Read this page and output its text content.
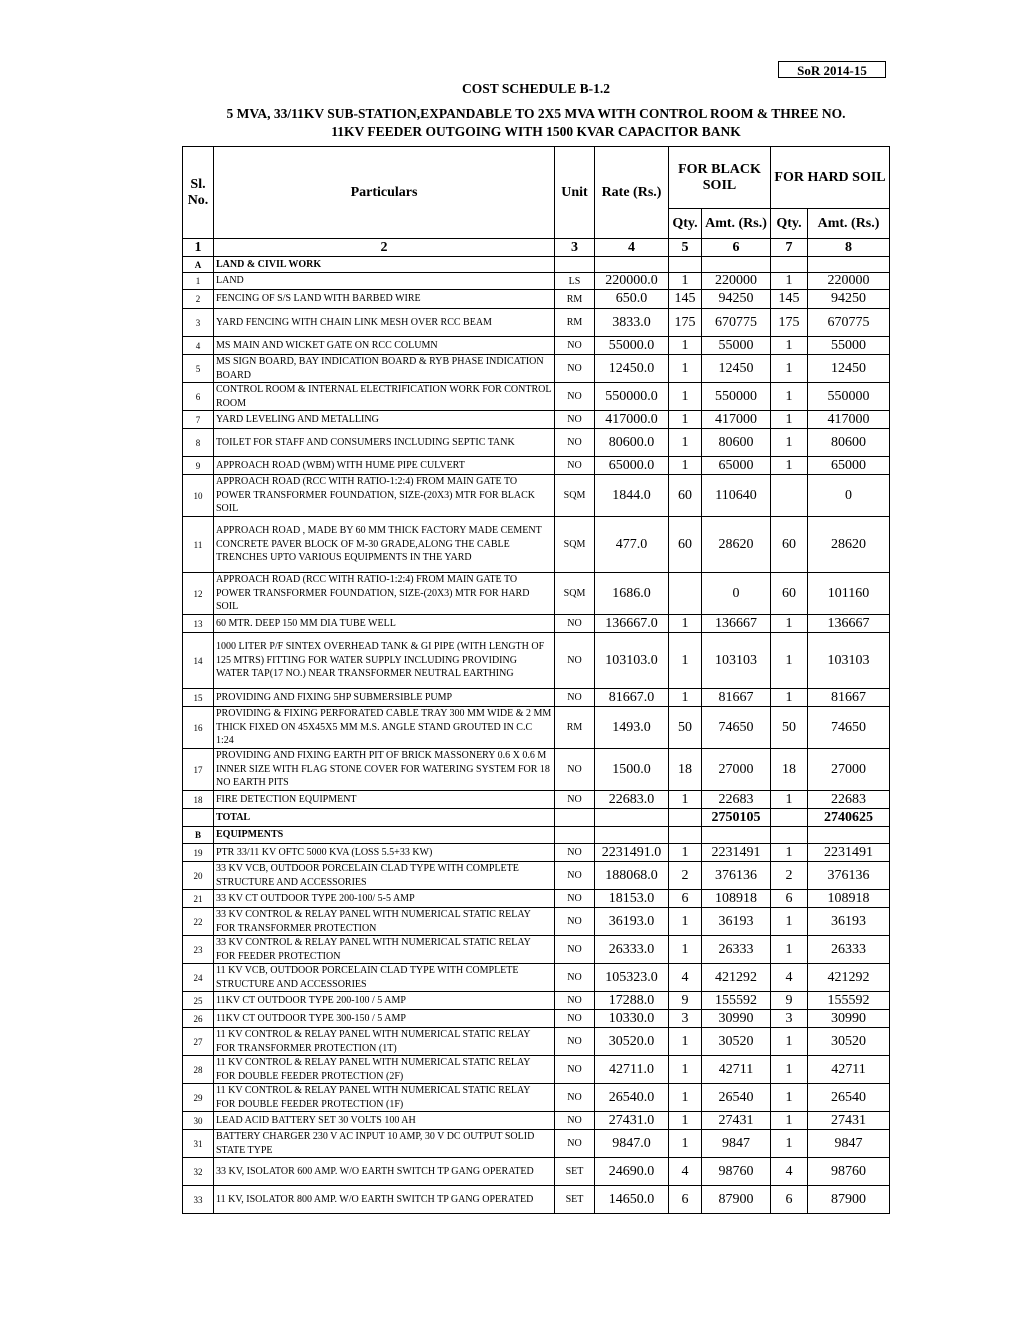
SoR 2014-15
COST SCHEDULE B-1.2
5 MVA, 33/11KV SUB-STATION,EXPANDABLE TO 2X5 MVA WITH CONTROL ROOM & THREE NO.
11KV FEEDER OUTGOING WITH 1500 KVAR CAPACITOR BANK
Sl. No.	Particulars	Unit	Rate (Rs.)	FOR BLACK SOIL		FOR HARD SOIL	
				Qty.	Amt. (Rs.)	Qty.	Amt. (Rs.)
1	2	3	4	5	6	7	8
A	LAND & CIVIL WORK						
1	LAND	LS	220000.0	1	220000	1	220000
2	FENCING OF S/S LAND WITH BARBED WIRE	RM	650.0	145	94250	145	94250
3	YARD FENCING WITH CHAIN LINK MESH OVER RCC BEAM	RM	3833.0	175	670775	175	670775
4	MS MAIN AND WICKET GATE ON RCC COLUMN	NO	55000.0	1	55000	1	55000
5	MS SIGN BOARD, BAY INDICATION BOARD & RYB PHASE INDICATION BOARD	NO	12450.0	1	12450	1	12450
6	CONTROL ROOM & INTERNAL ELECTRIFICATION WORK FOR CONTROL ROOM	NO	550000.0	1	550000	1	550000
7	YARD LEVELING AND METALLING	NO	417000.0	1	417000	1	417000
8	TOILET FOR STAFF AND CONSUMERS INCLUDING SEPTIC TANK	NO	80600.0	1	80600	1	80600
9	APPROACH ROAD (WBM) WITH HUME PIPE CULVERT	NO	65000.0	1	65000	1	65000
10	APPROACH ROAD (RCC WITH RATIO-1:2:4) FROM MAIN GATE TO POWER TRANSFORMER FOUNDATION, SIZE-(20X3) MTR FOR BLACK SOIL	SQM	1844.0	60	110640		0
11	APPROACH ROAD , MADE BY 60 MM THICK FACTORY MADE CEMENT CONCRETE PAVER BLOCK OF M-30 GRADE,ALONG THE CABLE TRENCHES UPTO VARIOUS EQUIPMENTS IN THE YARD	SQM	477.0	60	28620	60	28620
12	APPROACH ROAD (RCC WITH RATIO-1:2:4) FROM MAIN GATE TO POWER TRANSFORMER FOUNDATION, SIZE-(20X3) MTR FOR HARD SOIL	SQM	1686.0		0	60	101160
13	60 MTR. DEEP 150 MM DIA TUBE WELL	NO	136667.0	1	136667	1	136667
14	1000 LITER P/F SINTEX OVERHEAD TANK & GI PIPE (WITH LENGTH OF 125 MTRS) FITTING FOR WATER SUPPLY INCLUDING PROVIDING WATER TAP(17 NO.) NEAR TRANSFORMER NEUTRAL EARTHING	NO	103103.0	1	103103	1	103103
15	PROVIDING AND FIXING 5HP SUBMERSIBLE PUMP	NO	81667.0	1	81667	1	81667
16	PROVIDING & FIXING PERFORATED CABLE TRAY 300 MM WIDE & 2 MM THICK FIXED ON 45X45X5 MM M.S. ANGLE STAND GROUTED IN C.C 1:24	RM	1493.0	50	74650	50	74650
17	PROVIDING AND FIXING EARTH PIT OF BRICK MASSONERY 0.6 X 0.6 M INNER SIZE WITH FLAG STONE COVER FOR WATERING SYSTEM FOR 18 NO EARTH PITS	NO	1500.0	18	27000	18	27000
18	FIRE DETECTION EQUIPMENT	NO	22683.0	1	22683	1	22683
	TOTAL				2750105		2740625
B	EQUIPMENTS						
19	PTR 33/11 KV OFTC 5000 KVA (LOSS 5.5+33 KW)	NO	2231491.0	1	2231491	1	2231491
20	33 KV VCB, OUTDOOR PORCELAIN CLAD TYPE WITH COMPLETE STRUCTURE AND ACCESSORIES	NO	188068.0	2	376136	2	376136
21	33 KV CT OUTDOOR TYPE 200-100/ 5-5 AMP	NO	18153.0	6	108918	6	108918
22	33 KV CONTROL & RELAY PANEL WITH NUMERICAL STATIC RELAY FOR TRANSFORMER PROTECTION	NO	36193.0	1	36193	1	36193
23	33 KV CONTROL & RELAY PANEL WITH NUMERICAL STATIC RELAY FOR FEEDER PROTECTION	NO	26333.0	1	26333	1	26333
24	11 KV VCB, OUTDOOR PORCELAIN CLAD TYPE WITH COMPLETE STRUCTURE AND ACCESSORIES	NO	105323.0	4	421292	4	421292
25	11KV CT OUTDOOR TYPE 200-100 / 5 AMP	NO	17288.0	9	155592	9	155592
26	11KV CT OUTDOOR TYPE 300-150 / 5 AMP	NO	10330.0	3	30990	3	30990
27	11 KV CONTROL & RELAY PANEL WITH NUMERICAL STATIC RELAY FOR TRANSFORMER PROTECTION (1T)	NO	30520.0	1	30520	1	30520
28	11 KV CONTROL & RELAY PANEL WITH NUMERICAL STATIC RELAY FOR DOUBLE FEEDER PROTECTION (2F)	NO	42711.0	1	42711	1	42711
29	11 KV CONTROL & RELAY PANEL WITH NUMERICAL STATIC RELAY FOR DOUBLE FEEDER PROTECTION (1F)	NO	26540.0	1	26540	1	26540
30	LEAD ACID BATTERY SET 30 VOLTS 100 AH	NO	27431.0	1	27431	1	27431
31	BATTERY CHARGER 230 V AC INPUT 10 AMP, 30 V DC OUTPUT SOLID STATE TYPE	NO	9847.0	1	9847	1	9847
32	33 KV, ISOLATOR 600 AMP. W/O EARTH SWITCH TP GANG OPERATED	SET	24690.0	4	98760	4	98760
33	11 KV, ISOLATOR 800 AMP. W/O EARTH SWITCH TP GANG OPERATED	SET	14650.0	6	87900	6	87900
